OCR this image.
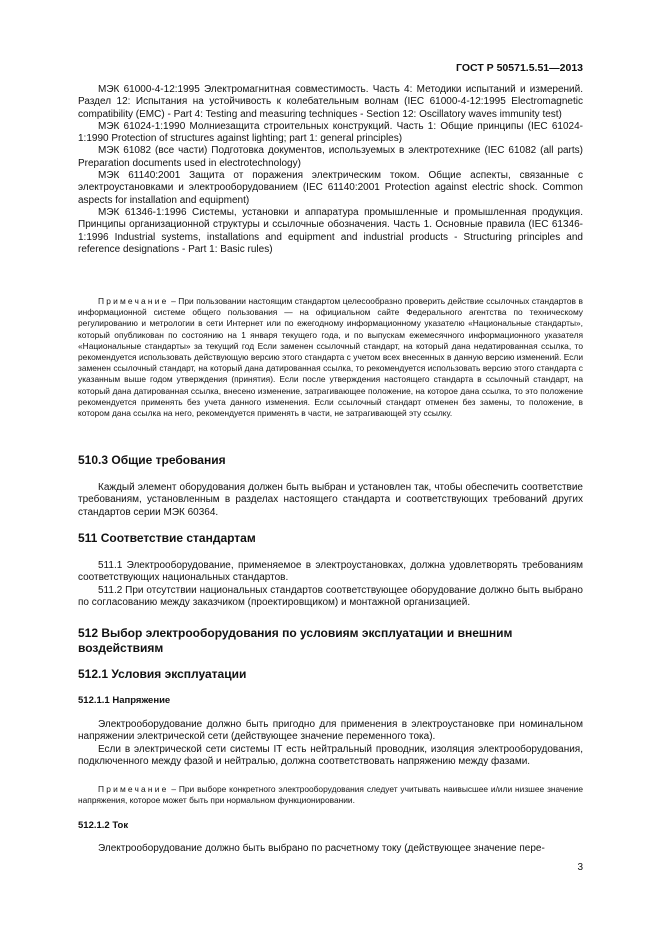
ГОСТ Р 50571.5.51—2013

МЭК 61000-4-12:1995 Электромагнитная совместимость. Часть 4: Методики испытаний и измерений. Раздел 12: Испытания на устойчивость к колебательным волнам (IEC 61000-4-12:1995 Electromagnetic compatibility (EMC) - Part 4: Testing and measuring techniques - Section 12: Oscillatory waves immunity test)

МЭК 61024-1:1990 Молниезащита строительных конструкций. Часть 1: Общие принципы (IEC 61024-1:1990 Protection of structures against lighting; part 1: general principles)

МЭК 61082 (все части) Подготовка документов, используемых в электротехнике (IEC 61082 (all parts) Preparation documents used in electrotechnology)

МЭК 61140:2001 Защита от поражения электрическим током. Общие аспекты, связанные с электроустановками и электрооборудованием (IEC 61140:2001 Protection against electric shock. Common aspects for installation and equipment)

МЭК 61346-1:1996 Системы, установки и аппаратура промышленные и промышленная продукция. Принципы организационной структуры и ссылочные обозначения. Часть 1. Основные правила (IEC 61346-1:1996 Industrial systems, installations and equipment and industrial products - Structuring principles and reference designations - Part 1: Basic rules)

Примечание – При пользовании настоящим стандартом целесообразно проверить действие ссылочных стандартов в информационной системе общего пользования — на официальном сайте Федерального агентства по техническому регулированию и метрологии в сети Интернет или по ежегодному информационному указателю «Национальные стандарты», который опубликован по состоянию на 1 января текущего года, и по выпускам ежемесячного информационного указателя «Национальные стандарты» за текущий год Если заменен ссылочный стандарт, на который дана недатированная ссылка, то рекомендуется использовать действующую версию этого стандарта с учетом всех внесенных в данную версию изменений. Если заменен ссылочный стандарт, на который дана датированная ссылка, то рекомендуется использовать версию этого стандарта с указанным выше годом утверждения (принятия). Если после утверждения настоящего стандарта в ссылочный стандарт, на который дана датированная ссылка, внесено изменение, затрагивающее положение, на которое дана ссылка, то это положение рекомендуется применять без учета данного изменения. Если ссылочный стандарт отменен без замены, то положение, в котором дана ссылка на него, рекомендуется применять в части, не затрагивающей эту ссылку.

510.3 Общие требования

Каждый элемент оборудования должен быть выбран и установлен так, чтобы обеспечить соответствие требованиям, установленным в разделах настоящего стандарта и соответствующих требований других стандартов серии МЭК 60364.

511 Соответствие стандартам

511.1 Электрооборудование, применяемое в электроустановках, должна удовлетворять требованиям соответствующих национальных стандартов.

511.2 При отсутствии национальных стандартов соответствующее оборудование должно быть выбрано по согласованию между заказчиком (проектировщиком) и монтажной организацией.

512 Выбор электрооборудования по условиям эксплуатации и внешним воздействиям

512.1 Условия эксплуатации

512.1.1 Напряжение

Электрооборудование должно быть пригодно для применения в электроустановке при номинальном напряжении электрической сети (действующее значение переменного тока).

Если в электрической сети системы IT есть нейтральный проводник, изоляция электрооборудования, подключенного между фазой и нейтралью, должна соответствовать напряжению между фазами.

Примечание – При выборе конкретного электрооборудования следует учитывать наивысшее и/или низшее значение напряжения, которое может быть при нормальном функционировании.

512.1.2 Ток

Электрооборудование должно быть выбрано по расчетному току (действующее значение пере-

3
